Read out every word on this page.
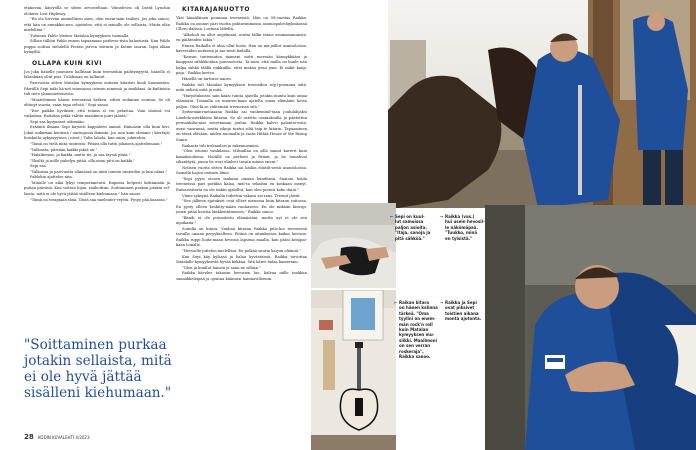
etukovan, käivyöllä se sitten arvosteltaan. Viimek-sen oli David Lynchin elokuva Lost Highway.

"En ole hirveän ummellinen mies, olen enem-män realisti. Jos joku sanoo, että hän on ennakkoi-nen, ajattelen, että ei minulle ole sellaista. Mutta elän mielelläni."

Tutsinen Pablo Meiner Matalan kymyyksen tuomalla.

Silloin tällöin Pablo ennen tapaamaan parhvoo-tista kalastusta. Kun Pablo puppa soittaa sielulellä Pienen järven soiturin ja Kolme iauran, lapsi alkaa hymyillä.

OLLAPA KUIN KIVI

Jos joku hänelle juomisen hallitaan kuin treeneihin päihtymyyttä, hänellä ei läheskään ollut pois. Tuloksaan on tullunut.

Parivuotta sitten Matalan kymyyksen entinen kitaristi kuoli huumeisiin. Pärrällä Sepi näki hä-net istumassa osturin nimessä ja moikkasi. Ai-kuiltaista tuli tieto yhanonettoisesta.

"Mustelemme hänen treeneissä hetken, sitten siohmme sointua. Se oli ehtinyt vuosia, vaan tapa selvää," Sepi sanoo.

"Itse paikko hyvikseä, että toinna ei voi pelastaa. Vain itsensä voi vaikuttaa. Raitiitan pitää valitta maailmen juuri jääntä."

Sepi saa kysymiset siitimään.

Erääntä ilmana Sepi kirjoitti kappaleen aamat: Haluaisin olla kuin kivi, Jokut nukuman kentistä / auringossa lämmin. Jos isoa kuin olemme / kiertäjä/ huiskulta nykyisyyteen / nivot / Tulin lahela, kun omin, jokerehta.

"Tämä on vielä niitä tunteista. Pitäisi olla tuttu jokaisen ajattelemaan."

"Valkoista, päivään kaikki pitää on."

"Halatkemas, ja kaikki, mutta tie, ja saa täysiä pitää."

"Yksiltä ja niille puhelyn pitää, olla moni pitä on kaikki."

Sepi saa.

"Valkoisia ja parivuotta elämässä on niitä toimen tunteiden ja kun nämä."

Pablokin ajattelee niin.

"Minulle on aika lyhyt temperamentti. Rapussa helposti kiittämään ja puitan päivänä. Kun soittan hijaa, rauhoittun. Soittaminen purkaa jotakin sel-laista, mitä ei ole hyvä jättää sisälleen kiehumaan," hän sanoo.

"Tämä on terapiaan tänä. Tästä saa mielenter-veyttä. Pysyy pää kasassa."

"Soittaminen purkaa jotakin sellaista, mitä ei ole hyvä jättää sisälleni kiehumaan."

KITARAJANUOTTO

Yksi hämäläinen pounnaa treeneistä. Hän on 58-vuotias Raikka. Raikka on asunut pari vuotta pahtavimmassa asumispalveluyksikössä Ullero-dalissa, Lovinan läheltä.

"Alkoholi on ollut ongelmani, mutta tällin tänne asumaanmuusta, en päihteiden takia."

Ennen Raikalla ei alna ollut koria. Hän on ma-jaillut asuntoloissa, kavereiden nurkissa ja mo-nesti kadulla.

"Kerran tuntematon mameni soitti merssän kännykkääni ja kauppasi sähkökoulun poissaolosta. Ta-nuin, että mulla on kuule nén halpa sähkö tälillä nukkuilla, ettei maksa jeeni jenä. Ei mikit kaup-paja," Raikka kertoo.

Hänellä on tarttuva nauru.

Raikka tuli Matalan kymyyksen treeneihin ri(p)-puenuna siitä, mitä nelistä mitä ja mitä.

"Harjoituksissa sain kaksi tuntia ajatella jotakin muuta kuin omaa elämääni. Tosiaalla on muuten-kaan ajatella omaa elämääni kovin paljon. Olen-ki se välitömäti treeneissä sitä."

Seitsemänvuotiaaana Raikka sai vanhemmil-taan joululahjaksi Landola-merkkisen kitaran. Se oli ostettu osamaksulla ja päätettiin pernaukilta-niin soitettaman joulua. Raikka kalvvi palantsi-esiin, avasi vanvansä, mutta iskuja tuntui siltä taip te kitarin. Tapaaminen on tässä elävään, niiden nuomalla ja vasta Hittää House of the Rising Sunin.

Raikasta tuli trubaadori ja rakennusmies.

"Olen istunut vankilassa. Mitnullan on sillä samat kaverit kuin kamuksoilassa. Hoitillä on perheet ja firmat, ja he tomahvat siliantäytä, jonen he ovat elinleet tavata minua enem."

Nelisen vuotta sitten Raikka sai hädän elintili-sestä asuntoloissa. Samalla hajosi entinen lämö.

"Sepi pyysi otosen mukaan omaan bändiinsä. Saatoin heida treeneissä pari porkkia kalaa, mut-ta sekaisin en koskaan menyt. Ratsastsitarta en ole tinkin ajatellut, kun olen pienvä koko duini."

Viime syksynä Raikalla todettiin vakava sai-raus. Treenit jäivät.

"Sen jälkeen ajatukset ovat olleet menossa kuin kitaran soitossa. En pysty olleen keskitty-mään rauhaseen. En ole mikään kirurgi, jonen pitää haivita läakkeittämiseen," Raikka sanoo.

"Bändi ei ole poissulettu elämästäni, mutta nyt ei ole sen aijatkaita."

Soitalla on kitara. Vanhan kitaran Raikka piilo-koi terveisenä tavailla omaan peryykselleen. Pitänä on aitauksessa kaikui hevosia. Raikka ruppi hoita-maan hevosia lapsena maalla, kun pääsi kesäpai-kaan lomalle.

"Hevosille juttelen mielelläni. En pelkää suuria karjun eläimiä."

Kun Sepi käy kylässä ja halaa hyvästeissä, Raikka toivottaa Matalalle kymyyksestä hyvää kekkaa. Sitä bänvi halaa kameranu.

"Olen ja kuullut hänstä ja saan ne sillasa."

Raikka kävelee takaisin hevosten luo, kalvaa niille tuokkan sanaakkeleipää ja ojentaa käännen hanmavilleenin.

28 KODIN KUVALEHTI 4/2023
Sepi on kuul-
lut samoissa
paljon asioita.
"Itaja, sanoja ja
pitä sähköä."
←	Raikka (vas.)
hui usein hevosil-
le näkömäpaä.
"Tuukko, minä
en tylsistä."
→
Raikan kitara
on hänen kalinna
tärkeä. "Oma
tyylini on enem-
män rock'n roll
kuin Matalan
kymyyksen mu-
siikki. Maailmoni
on sen verran
roskeraja",
Raikka sanoo.
←	Raikka ja Sepi
ovat piksivet
toistien aikana
monta ajotonta.
→
